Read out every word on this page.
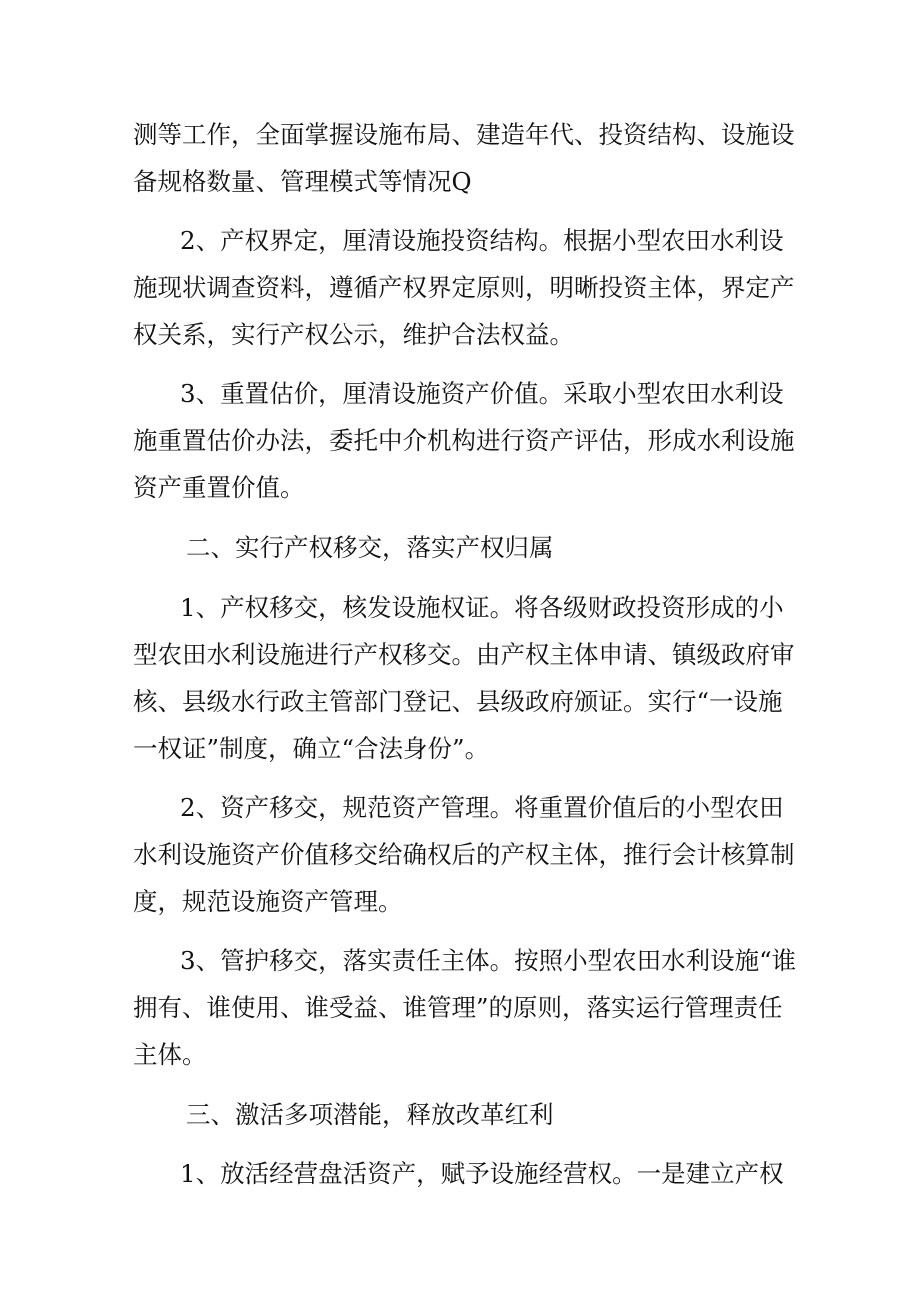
测等工作，全面掌握设施布局、建造年代、投资结构、设施设

备规格数量、管理模式等情况Q

2、产权界定，厘清设施投资结构。根据小型农田水利设

施现状调查资料，遵循产权界定原则，明晰投资主体，界定产

权关系，实行产权公示，维护合法权益。

3、重置估价，厘清设施资产价值。采取小型农田水利设

施重置估价办法，委托中介机构进行资产评估，形成水利设施

资产重置价值。

二、实行产权移交，落实产权归属

1、产权移交，核发设施权证。将各级财政投资形成的小

型农田水利设施进行产权移交。由产权主体申请、镇级政府审

核、县级水行政主管部门登记、县级政府颁证。实行“一设施

一权证”制度，确立“合法身份”。

2、资产移交，规范资产管理。将重置价值后的小型农田

水利设施资产价值移交给确权后的产权主体，推行会计核算制

度，规范设施资产管理。

3、管护移交，落实责任主体。按照小型农田水利设施“谁

拥有、谁使用、谁受益、谁管理”的原则，落实运行管理责任

主体。

三、激活多项潜能，释放改革红利

1、放活经营盘活资产，赋予设施经营权。一是建立产权
